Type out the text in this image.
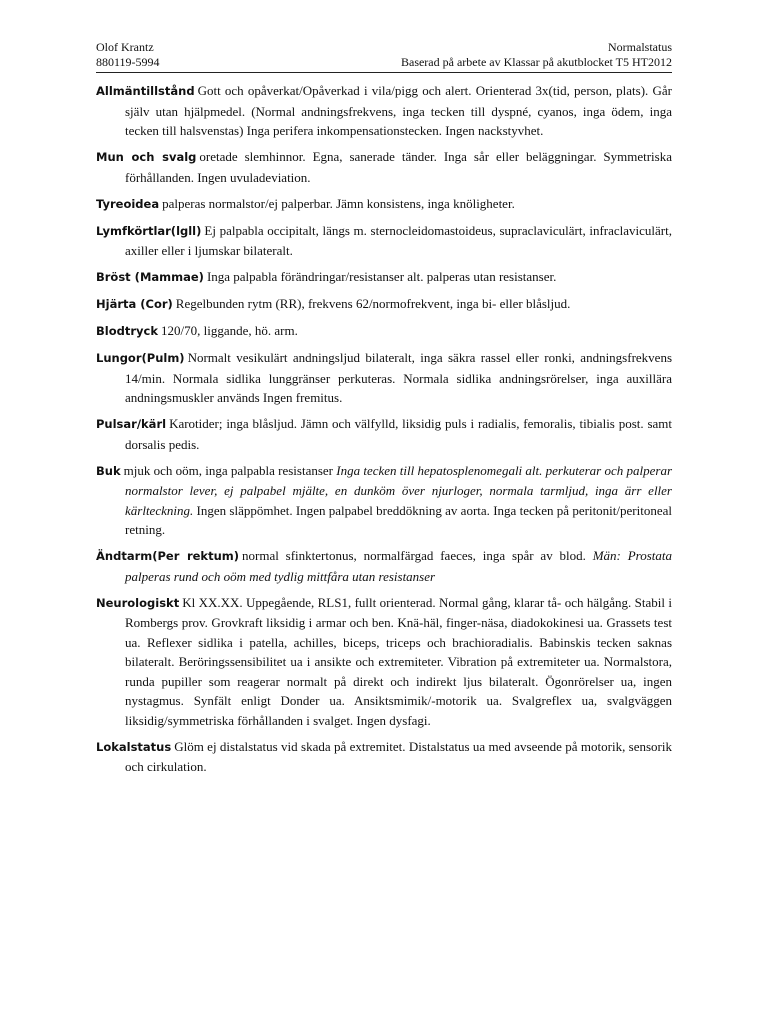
Olof Krantz	Normalstatus
880119-5994	Baserad på arbete av Klassar på akutblocket T5 HT2012

Allmäntillstånd Gott och opåverkat/Opåverkad i vila/pigg och alert. Orienterad 3x(tid, person, plats). Går själv utan hjälpmedel. (Normal andningsfrekvens, inga tecken till dyspné, cyanos, inga ödem, inga tecken till halsvenstas) Inga perifera inkompensationstecken. Ingen nackstyvhet.

Mun och svalg oretade slemhinnor. Egna, sanerade tänder. Inga sår eller beläggningar. Symmetriska förhållanden. Ingen uvuladeviation.

Tyreoidea palperas normalstor/ej palperbar. Jämn konsistens, inga knöligheter.

Lymfkörtlar(lgll) Ej palpabla occipitalt, längs m. sternocleidomastoideus, supraclaviculärt, infraclaviculärt, axiller eller i ljumskar bilateralt.

Bröst (Mammae) Inga palpabla förändringar/resistanser alt. palperas utan resistanser.

Hjärta (Cor) Regelbunden rytm (RR), frekvens 62/normofrekvent, inga bi- eller blåsljud.

Blodtryck 120/70, liggande, hö. arm.

Lungor(Pulm) Normalt vesikulärt andningsljud bilateralt, inga säkra rassel eller ronki, andningsfrekvens 14/min. Normala sidlika lunggränser perkuteras. Normala sidlika andningsrörelser, inga auxillära andningsmuskler används Ingen fremitus.

Pulsar/kärl Karotider; inga blåsljud. Jämn och välfylld, liksidig puls i radialis, femoralis, tibialis post. samt dorsalis pedis.

Buk mjuk och oöm, inga palpabla resistanser Inga tecken till hepatosplenomegali alt. perkuterar och palperar normalstor lever, ej palpabel mjälte, en dunköm över njurloger, normala tarmljud, inga ärr eller kärlteckning. Ingen släppömhet. Ingen palpabel breddökning av aorta. Inga tecken på peritonit/peritoneal retning.

Ändtarm(Per rektum) normal sfinktertonus, normalfärgad faeces, inga spår av blod. Män: Prostata palperas rund och oöm med tydlig mittfåra utan resistanser

Neurologiskt Kl XX.XX. Uppegående, RLS1, fullt orienterad. Normal gång, klarar tå- och hälgång. Stabil i Rombergs prov. Grovkraft liksidig i armar och ben. Knä-häl, finger-näsa, diadokokinesi ua. Grassets test ua. Reflexer sidlika i patella, achilles, biceps, triceps och brachioradialis. Babinskis tecken saknas bilateralt. Beröringssensibilitet ua i ansikte och extremiteter. Vibration på extremiteter ua. Normalstora, runda pupiller som reagerar normalt på direkt och indirekt ljus bilateralt. Ögonrörelser ua, ingen nystagmus. Synfält enligt Donder ua. Ansiktsmimik/-motorik ua. Svalgreflex ua, svalgväggen liksidig/symmetriska förhållanden i svalget. Ingen dysfagi.

Lokalstatus Glöm ej distalstatus vid skada på extremitet. Distalstatus ua med avseende på motorik, sensorik och cirkulation.
